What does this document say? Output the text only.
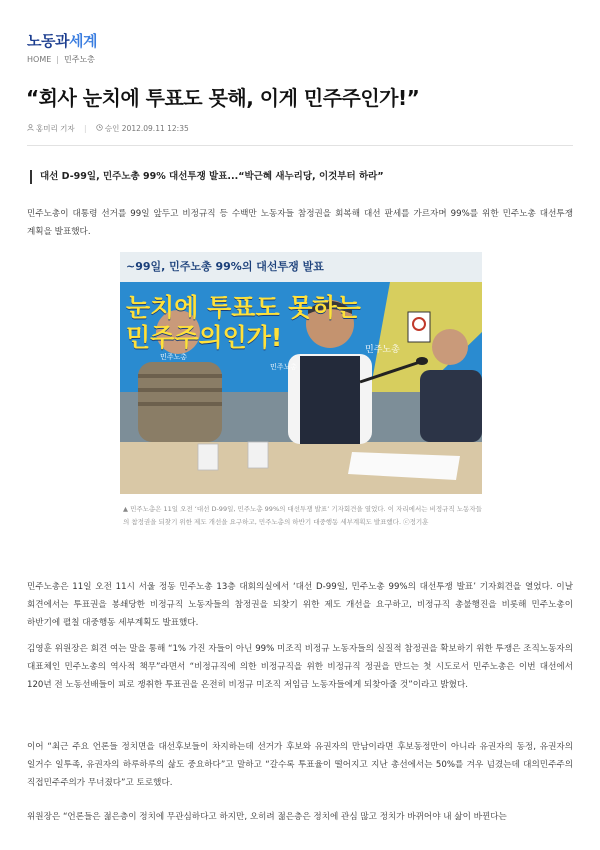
노동과세계
HOME | 민주노총
“회사 눈치에 투표도 못해, 이게 민주주인가!”
홍미리 기자 | 승인 2012.09.11 12:35
대선 D-99일, 민주노총 99% 대선투쟁 발표...“박근혜 새누리당, 이것부터 하라”

민주노총이 대통령 선거를 99일 앞두고 비정규직 등 수백만 노동자들 참정권을 회복해 대선 판세를 가르자며 99%를 위한 민주노총 대선투쟁 계획을 발표했다.

~99일, 민주노총 99%의 대선투쟁 발표
눈치에 투표도 못하는
민주주의인가!
민주노총
민주노총
민주노총
▲ 민주노총은 11일 오전 ‘대선 D-99일, 민주노총 99%의 대선투쟁 발표’ 기자회견을 열었다. 이 자리에서는 비정규직 노동자들의 참정권을 되찾기 위한 제도 개선을 요구하고, 민주노총의 하반기 대중행동 세부계획도 발표했다. ⓒ정기훈

민주노총은 11일 오전 11시 서울 정동 민주노총 13층 대회의실에서 ‘대선 D-99일, 민주노총 99%의 대선투쟁 발표’ 기자회견을 열었다. 이날 회견에서는 투표권을 봉쇄당한 비정규직 노동자들의 참정권을 되찾기 위한 제도 개선을 요구하고, 비정규직 총불행진을 비롯해 민주노총이 하반기에 펼칠 대중행동 세부계획도 발표했다.

김영훈 위원장은 회견 여는 말을 통해 “1% 가진 자들이 아닌 99% 미조직 비정규 노동자들의 실질적 참정권을 확보하기 위한 투쟁은 조직노동자의 대표체인 민주노총의 역사적 책무”라면서 “비정규직에 의한 비정규직을 위한 비정규직 정권을 만드는 첫 시도로서 민주노총은 이번 대선에서 120년 전 노동선배들이 피로 쟁취한 투표권을 온전히 비정규 미조직 저임금 노동자들에게 되찾아줄 것”이라고 밝혔다.

이어 “최근 주요 언론들 정치면을 대선후보들이 차지하는데 선거가 후보와 유권자의 만남이라면 후보동정만이 아니라 유권자의 동정, 유권자의 일거수 일투족, 유권자의 하루하루의 삶도 중요하다”고 말하고 “갈수록 투표율이 떨어지고 지난 총선에서는 50%를 겨우 넘겼는데 대의민주주의 직접민주주의가 무너졌다”고 토로했다.

위원장은 “언론들은 젊은층이 정치에 무관심하다고 하지만, 오히려 젊은층은 정치에 관심 많고 정치가 바뀌어야 내 삶이 바뀐다는
